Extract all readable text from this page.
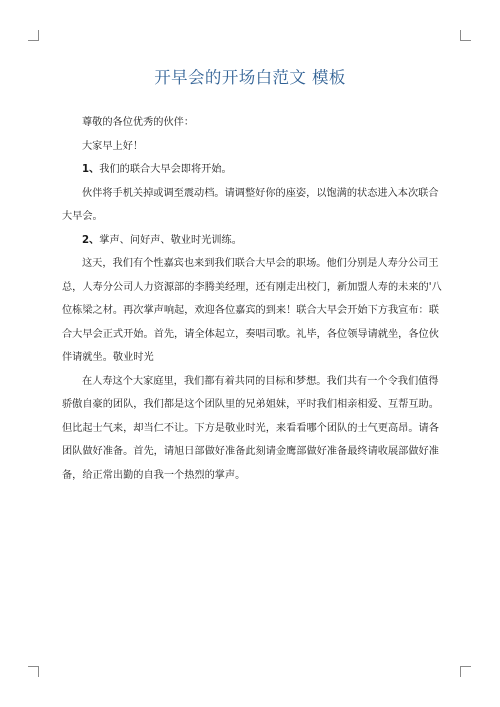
开早会的开场白范文 模板

尊敬的各位优秀的伙伴：

大家早上好！

1、我们的联合大早会即将开始。

伙伴将手机关掉或调至震动档。请调整好你的座姿，以饱满的状态进入本次联合大早会。

2、掌声、问好声、敬业时光训练。

这天，我们有个性嘉宾也来到我们联合大早会的职场。他们分别是人寿分公司王总，人寿分公司人力资源部的李腾美经理，还有刚走出校门，新加盟人寿的未来的'八位栋梁之材。再次掌声响起，欢迎各位嘉宾的到来！联合大早会开始下方我宣布：联合大早会正式开始。首先，请全体起立，奏唱司歌。礼毕，各位领导请就坐，各位伙伴请就坐。敬业时光

在人寿这个大家庭里，我们都有着共同的目标和梦想。我们共有一个令我们值得骄傲自豪的团队，我们都是这个团队里的兄弟姐妹，平时我们相亲相爱、互帮互助。但比起士气来，却当仁不让。下方是敬业时光，来看看哪个团队的士气更高昂。请各团队做好准备。首先，请旭日部做好准备此刻请金鹰部做好准备最终请收展部做好准备，给正常出勤的自我一个热烈的掌声。
